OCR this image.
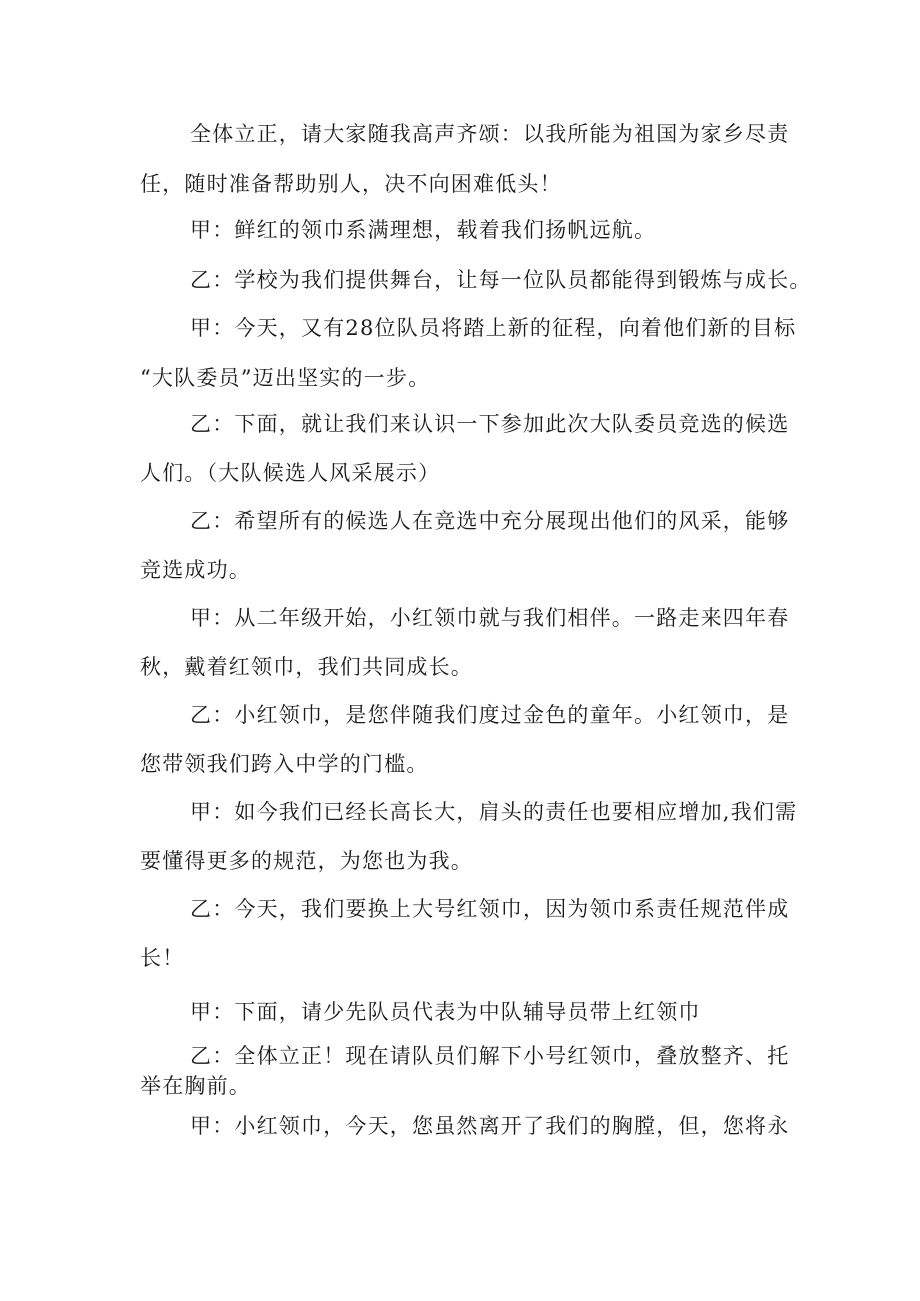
全体立正，请大家随我高声齐颂：以我所能为祖国为家乡尽责
任，随时准备帮助别人，决不向困难低头！
甲：鲜红的领巾系满理想，载着我们扬帆远航。
乙：学校为我们提供舞台，让每一位队员都能得到锻炼与成长。
甲：今天，又有28位队员将踏上新的征程，向着他们新的目标
“大队委员”迈出坚实的一步。
乙：下面，就让我们来认识一下参加此次大队委员竞选的候选
人们。（大队候选人风采展示）
乙：希望所有的候选人在竞选中充分展现出他们的风采，能够
竞选成功。
甲：从二年级开始，小红领巾就与我们相伴。一路走来四年春
秋，戴着红领巾，我们共同成长。
乙：小红领巾，是您伴随我们度过金色的童年。小红领巾，是
您带领我们跨入中学的门槛。
甲：如今我们已经长高长大，肩头的责任也要相应增加,我们需
要懂得更多的规范，为您也为我。
乙：今天，我们要换上大号红领巾，因为领巾系责任规范伴成
长！
甲：下面，请少先队员代表为中队辅导员带上红领巾
乙：全体立正！现在请队员们解下小号红领巾，叠放整齐、托
举在胸前。
甲：小红领巾，今天，您虽然离开了我们的胸膛，但，您将永
